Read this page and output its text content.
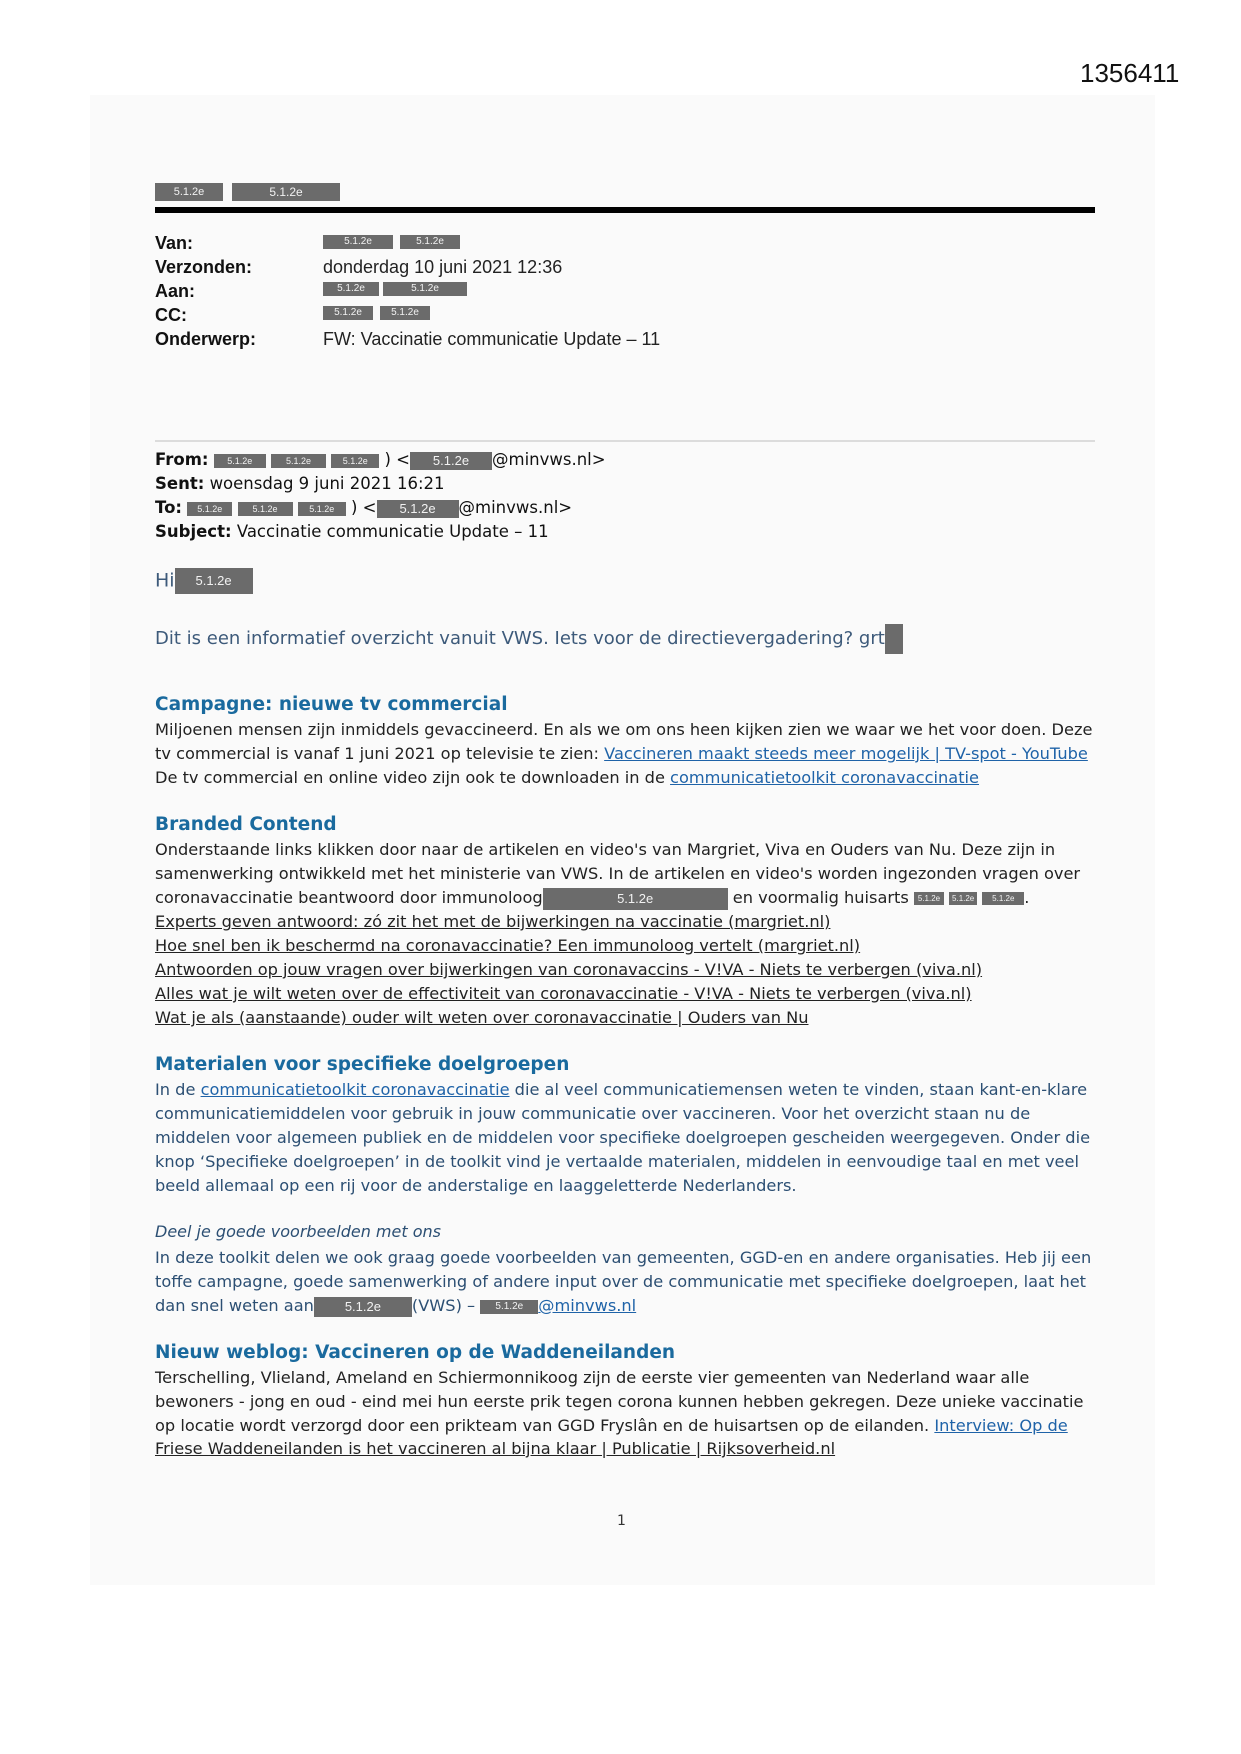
1356411
5.1.2e	5.1.2e
Van:	5.1.2e	5.1.2e
Verzonden:	donderdag 10 juni 2021 12:36
Aan:	5.1.2e	5.1.2e
CC:	5.1.2e	5.1.2e
Onderwerp:	FW: Vaccinatie communicatie Update – 11
From: 5.1.2e	5.1.2e	5.1.2e ) < 5.1.2e @minvws.nl>
Sent: woensdag 9 juni 2021 16:21
To: 5.1.2e	5.1.2e	5.1.2e ) < 5.1.2e @minvws.nl>
Subject: Vaccinatie communicatie Update – 11
Hi 5.1.2e
Dit is een informatief overzicht vanuit VWS. Iets voor de directievergadering? grt
Campagne: nieuwe tv commercial
Miljoenen mensen zijn inmiddels gevaccineerd. En als we om ons heen kijken zien we waar we het voor doen. Deze
tv commercial is vanaf 1 juni 2021 op televisie te zien: Vaccineren maakt steeds meer mogelijk | TV-spot - YouTube
De tv commercial en online video zijn ook te downloaden in de communicatietoolkit coronavaccinatie
Branded Contend
Onderstaande links klikken door naar de artikelen en video's van Margriet, Viva en Ouders van Nu. Deze zijn in
samenwerking ontwikkeld met het ministerie van VWS. In de artikelen en video's worden ingezonden vragen over
coronavaccinatie beantwoord door immunoloog	5.1.2e	en voormalig huisarts 5.1.2e 5.1.2e 5.1.2e .
Experts geven antwoord: zó zit het met de bijwerkingen na vaccinatie (margriet.nl)
Hoe snel ben ik beschermd na coronavaccinatie? Een immunoloog vertelt (margriet.nl)
Antwoorden op jouw vragen over bijwerkingen van coronavaccins - V!VA - Niets te verbergen (viva.nl)
Alles wat je wilt weten over de effectiviteit van coronavaccinatie - V!VA - Niets te verbergen (viva.nl)
Wat je als (aanstaande) ouder wilt weten over coronavaccinatie | Ouders van Nu
Materialen voor specifieke doelgroepen
In de communicatietoolkit coronavaccinatie die al veel communicatiemensen weten te vinden, staan kant-en-klare
communicatiemiddelen voor gebruik in jouw communicatie over vaccineren. Voor het overzicht staan nu de
middelen voor algemeen publiek en de middelen voor specifieke doelgroepen gescheiden weergegeven. Onder die
knop ‘Specifieke doelgroepen’ in de toolkit vind je vertaalde materialen, middelen in eenvoudige taal en met veel
beeld allemaal op een rij voor de anderstalige en laaggeletterde Nederlanders.
Deel je goede voorbeelden met ons
In deze toolkit delen we ook graag goede voorbeelden van gemeenten, GGD-en en andere organisaties. Heb jij een
toffe campagne, goede samenwerking of andere input over de communicatie met specifieke doelgroepen, laat het
dan snel weten aan 5.1.2e (VWS) – 5.1.2e @minvws.nl
Nieuw weblog: Vaccineren op de Waddeneilanden
Terschelling, Vlieland, Ameland en Schiermonnikoog zijn de eerste vier gemeenten van Nederland waar alle
bewoners - jong en oud - eind mei hun eerste prik tegen corona kunnen hebben gekregen. Deze unieke vaccinatie
op locatie wordt verzorgd door een prikteam van GGD Fryslân en de huisartsen op de eilanden. Interview: Op de
Friese Waddeneilanden is het vaccineren al bijna klaar | Publicatie | Rijksoverheid.nl
1
